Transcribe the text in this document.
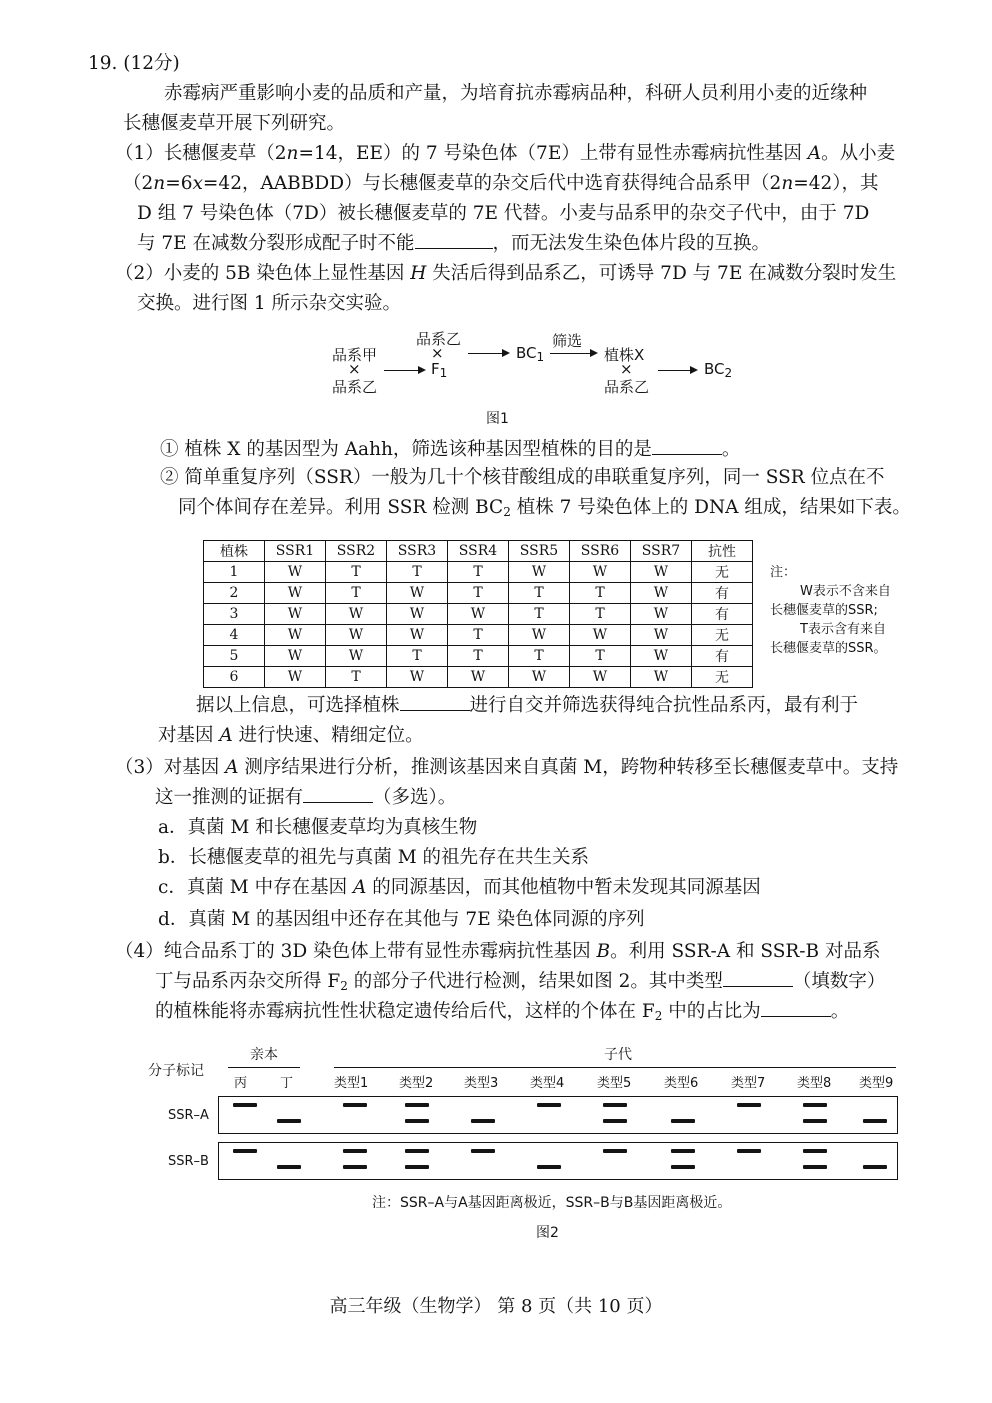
19. (12分)
赤霉病严重影响小麦的品质和产量，为培育抗赤霉病品种，科研人员利用小麦的近缘种
长穗偃麦草开展下列研究。
（1）长穗偃麦草（2n=14，EE）的 7 号染色体（7E）上带有显性赤霉病抗性基因 A。从小麦
（2n=6x=42，AABBDD）与长穗偃麦草的杂交后代中选育获得纯合品系甲（2n=42），其
D 组 7 号染色体（7D）被长穗偃麦草的 7E 代替。小麦与品系甲的杂交子代中，由于 7D
与 7E 在减数分裂形成配子时不能	，而无法发生染色体片段的互换。
（2）小麦的 5B 染色体上显性基因 H 失活后得到品系乙，可诱导 7D 与 7E 在减数分裂时发生
交换。进行图 1 所示杂交实验。
品系甲
×
品系乙
品系乙
×
$F_1$
$BC_1$
筛选
植株X
×
品系乙
$BC_2$
图1
① 植株 X 的基因型为 Aahh，筛选该种基因型植株的目的是	。
② 简单重复序列（SSR）一般为几十个核苷酸组成的串联重复序列，同一 SSR 位点在不
同个体间存在差异。利用 SSR 检测 $BC_2$ 植株 7 号染色体上的 DNA 组成，结果如下表。
植株	SSR1	SSR2	SSR3	SSR4	SSR5	SSR6	SSR7	抗性
1	W	T	T	T	W	W	W	无
2	W	T	W	T	T	T	W	有
3	W	W	W	W	T	T	W	有
4	W	W	W	T	W	W	W	无
5	W	W	T	T	T	T	W	有
6	W	T	W	W	W	W	W	无
注：
W表示不含来自
长穗偃麦草的SSR;
T表示含有来自
长穗偃麦草的SSR。
据以上信息，可选择植株	进行自交并筛选获得纯合抗性品系丙，最有利于
对基因 A 进行快速、精细定位。
（3）对基因 A 测序结果进行分析，推测该基因来自真菌 M，跨物种转移至长穗偃麦草中。支持
这一推测的证据有	（多选）。
a．真菌 M 和长穗偃麦草均为真核生物
b．长穗偃麦草的祖先与真菌 M 的祖先存在共生关系
c．真菌 M 中存在基因 A 的同源基因，而其他植物中暂未发现其同源基因
d．真菌 M 的基因组中还存在其他与 7E 染色体同源的序列
（4）纯合品系丁的 3D 染色体上带有显性赤霉病抗性基因 B。利用 SSR-A 和 SSR-B 对品系
丁与品系丙杂交所得 $F_2$ 的部分子代进行检测，结果如图 2。其中类型	（填数字）
的植株能将赤霉病抗性性状稳定遗传给后代，这样的个体在 $F_2$ 中的占比为	。
分子标记
亲本	子代
丙	丁	类型1 类型2 类型3 类型4	类型5	类型6	类型7 类型8 类型9
SSR–A
SSR–B
注：SSR–A与A基因距离极近，SSR–B与B基因距离极近。
图2
高三年级（生物学） 第 8 页（共 10 页）
